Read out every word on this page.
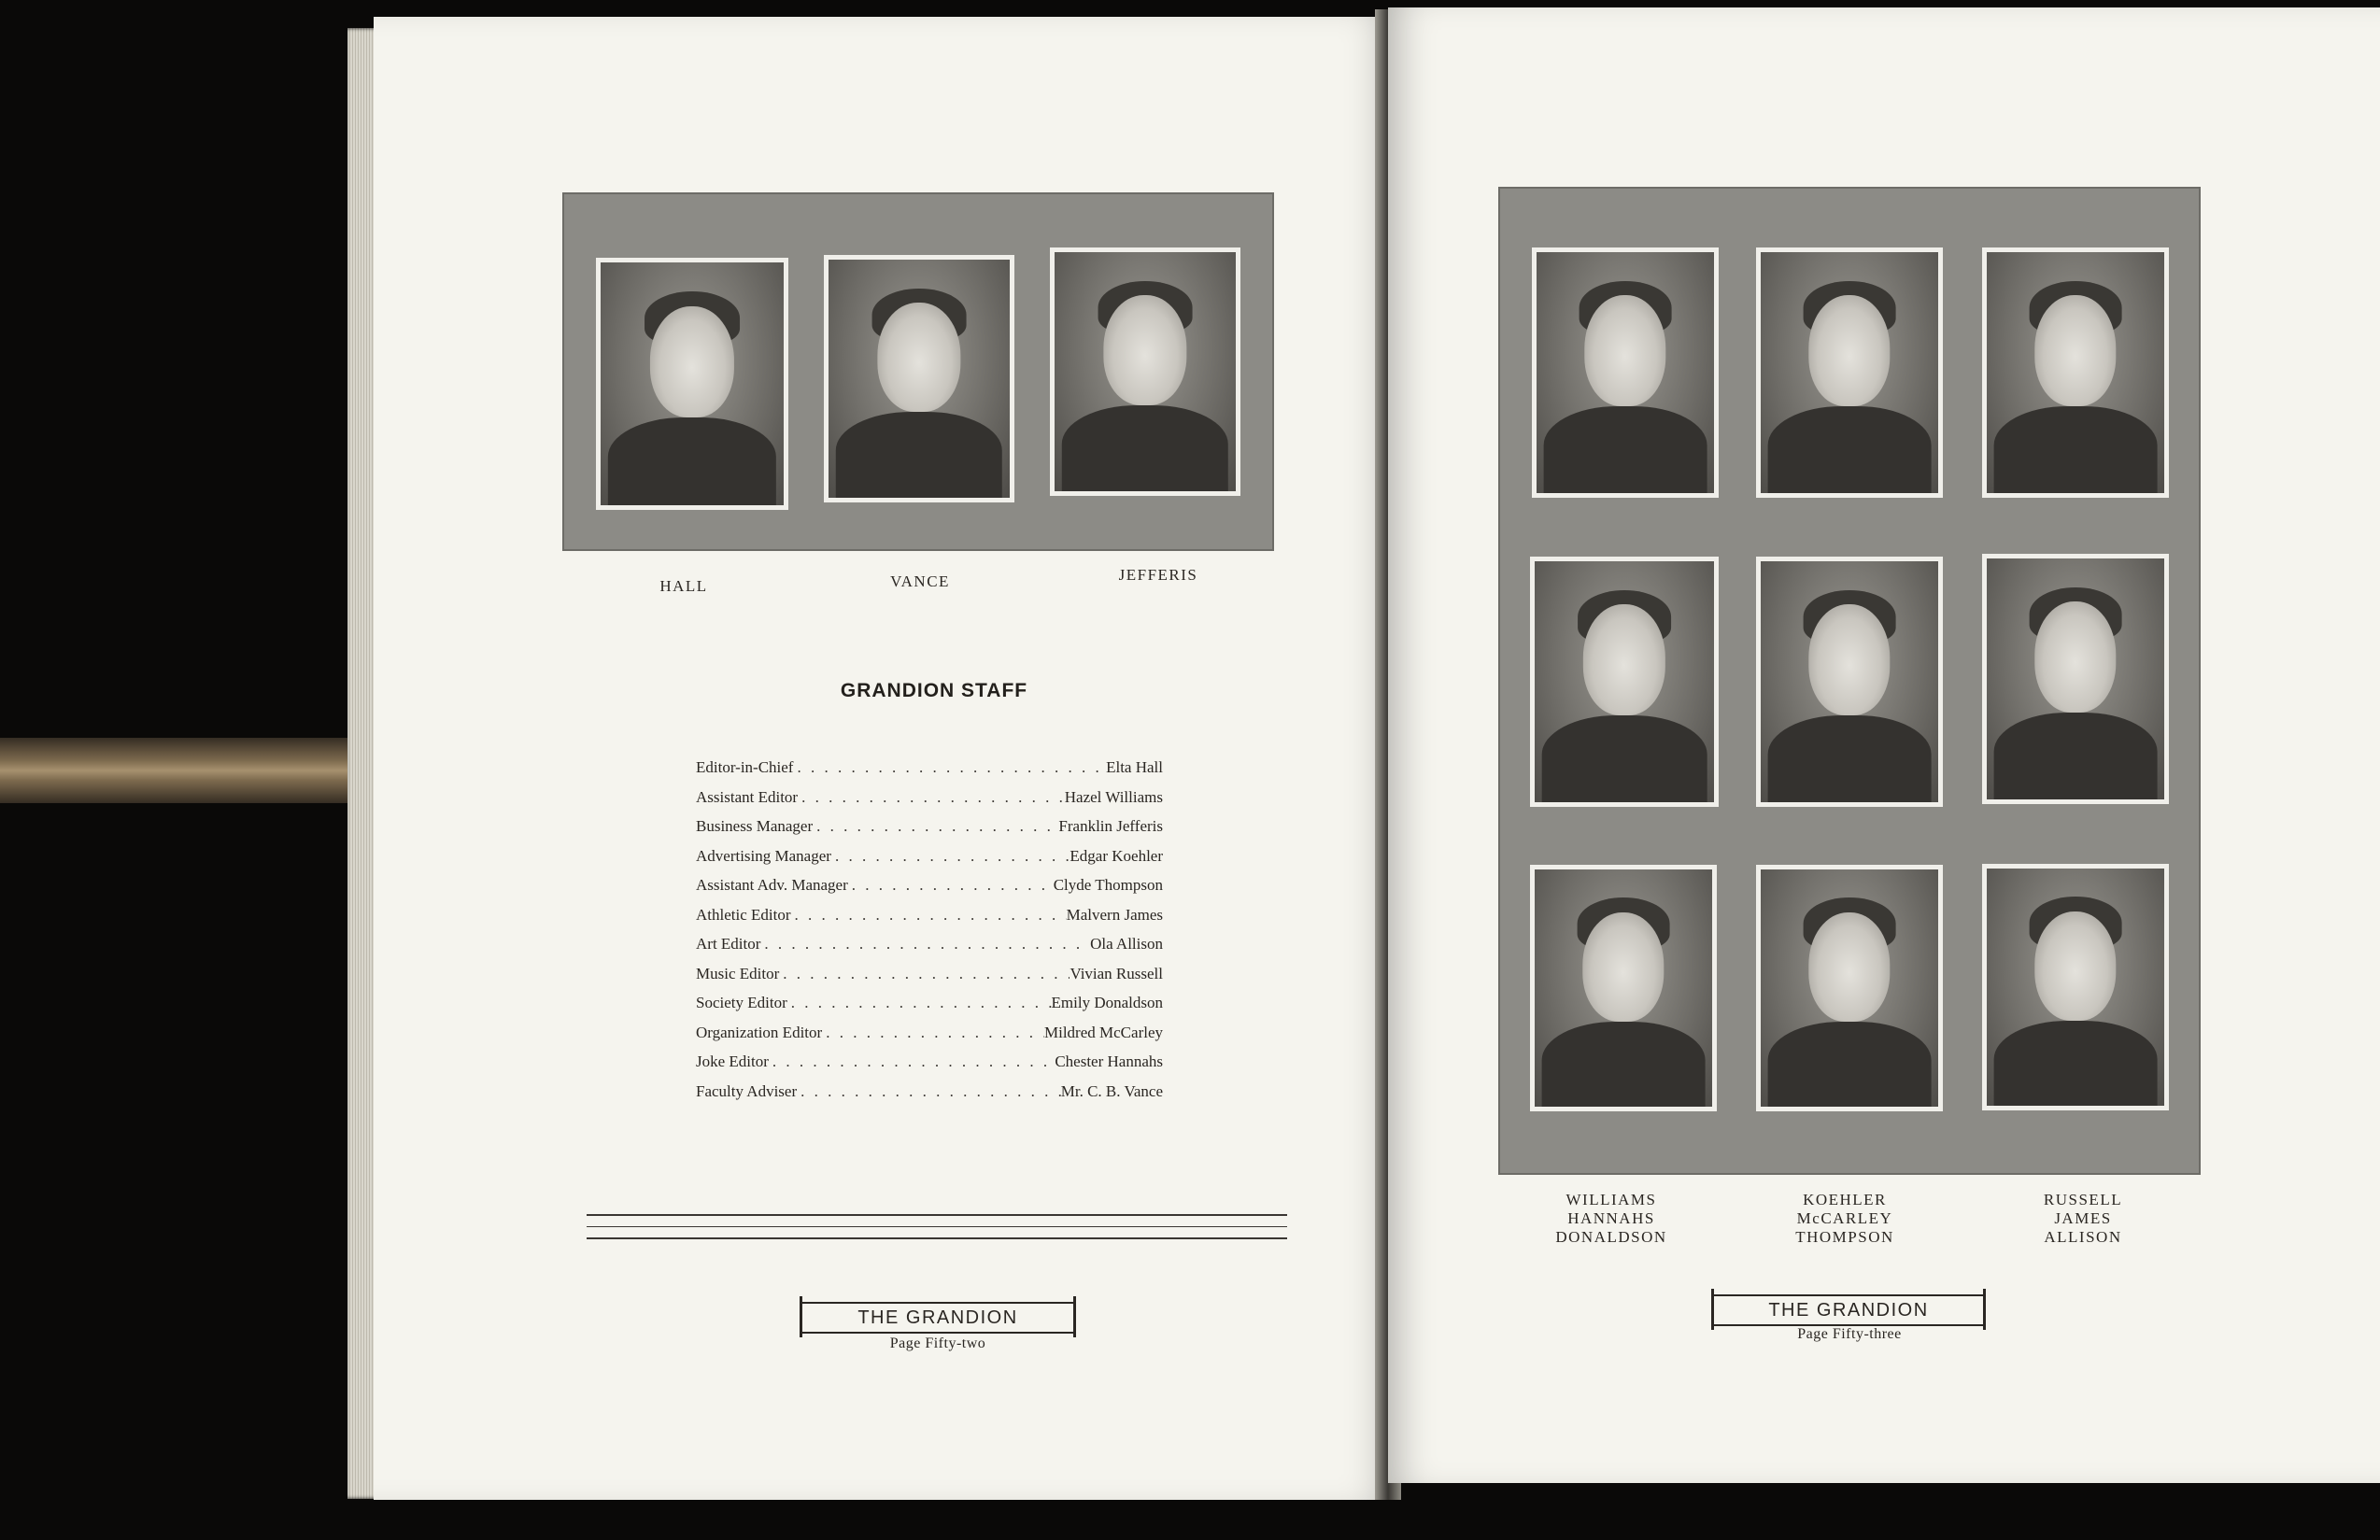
HALL	VANCE	JEFFERIS
GRANDION STAFF
Editor-in-Chief . . .	Elta Hall
Assistant Editor . . .	Hazel Williams
Business Manager . . .	Franklin Jefferis
Advertising Manager . . .	Edgar Koehler
Assistant Adv. Manager . . .	Clyde Thompson
Athletic Editor . . .	Malvern James
Art Editor . . .	Ola Allison
Music Editor . . .	Vivian Russell
Society Editor . . .	Emily Donaldson
Organization Editor . . .	Mildred McCarley
Joke Editor . . .	Chester Hannahs
Faculty Adviser . . .	Mr. C. B. Vance
THE GRANDION
Page Fifty-two
WILLIAMS
HANNAHS
DONALDSON
KOEHLER
McCARLEY
THOMPSON
RUSSELL
JAMES
ALLISON
THE GRANDION
Page Fifty-three
